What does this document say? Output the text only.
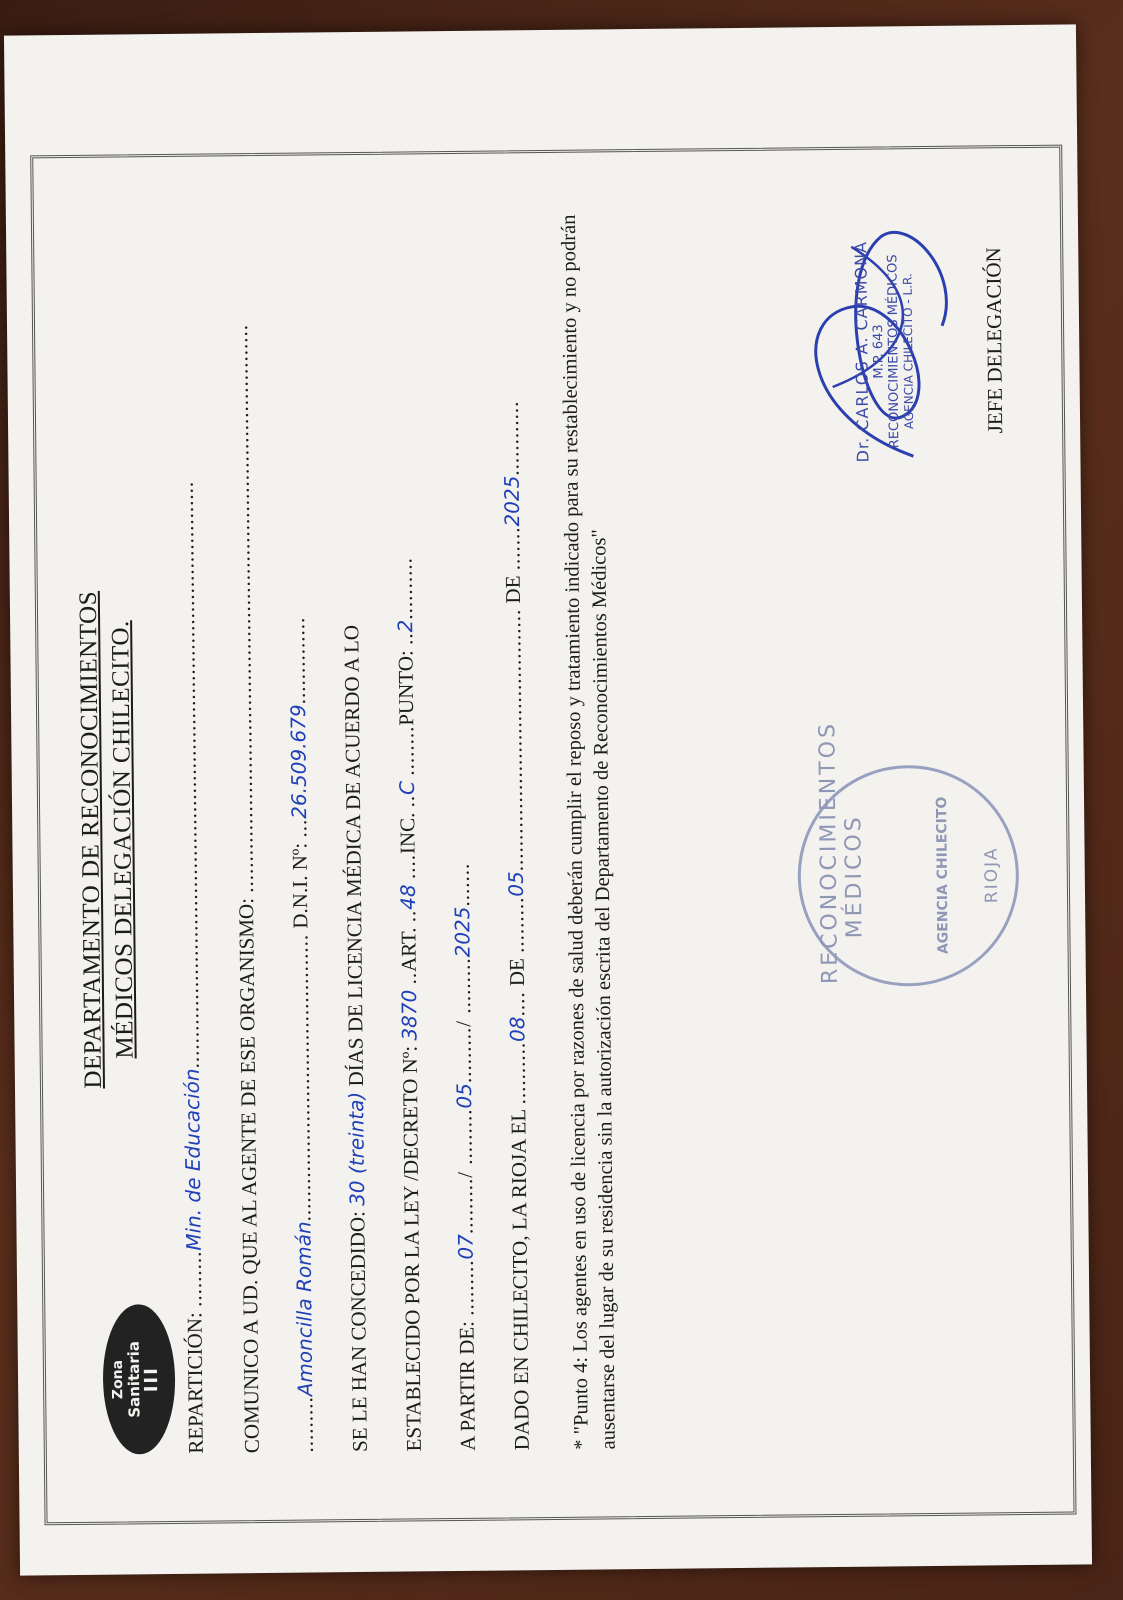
Zona
Sanitaria
III
DEPARTAMENTO DE RECONOCIMIENTOS MÉDICOS DELEGACIÓN CHILECITO.
REPARTICIÓN: .........Min. de Educación..............................................................................................
COMUNICO A UD. QUE AL AGENTE DE ESE ORGANISMO: ...........................................................................................
.........Amoncilla Román.............................................. D.N.I. Nº: ...26.509.679..............
SE LE HAN CONCEDIDO: 30 (treinta) DÍAS DE LICENCIA MÉDICA DE ACUERDO A LO
ESTABLECIDO POR LA LEY /DECRETO Nº: 3870 ..ART. ..48 ....INC. ..C ........PUNTO: ..2..........
A PARTIR DE: .........07........./ .........05........./ .........2025.......
DADO EN CHILECITO, LA RIOJA EL ..........08.... DE .........05.......................................... DE .......2025............	* "Punto 4: Los agentes en uso de licencia por razones de salud deberán cumplir el reposo y tratamiento indicado para su restablecimiento y no podrán ausentarse del lugar de su residencia sin la autorización escrita del Departamento de Reconocimientos Médicos"	RECONOCIMIENTOS MÉDICOS	AGENCIA CHILECITO RIOJA
Dr. CARLOS A. CARMONA
M.P. 643
RECONOCIMIENTOS MÉDICOS
AGENCIA CHILECITO - L.R.	JEFE DELEGACIÓN
